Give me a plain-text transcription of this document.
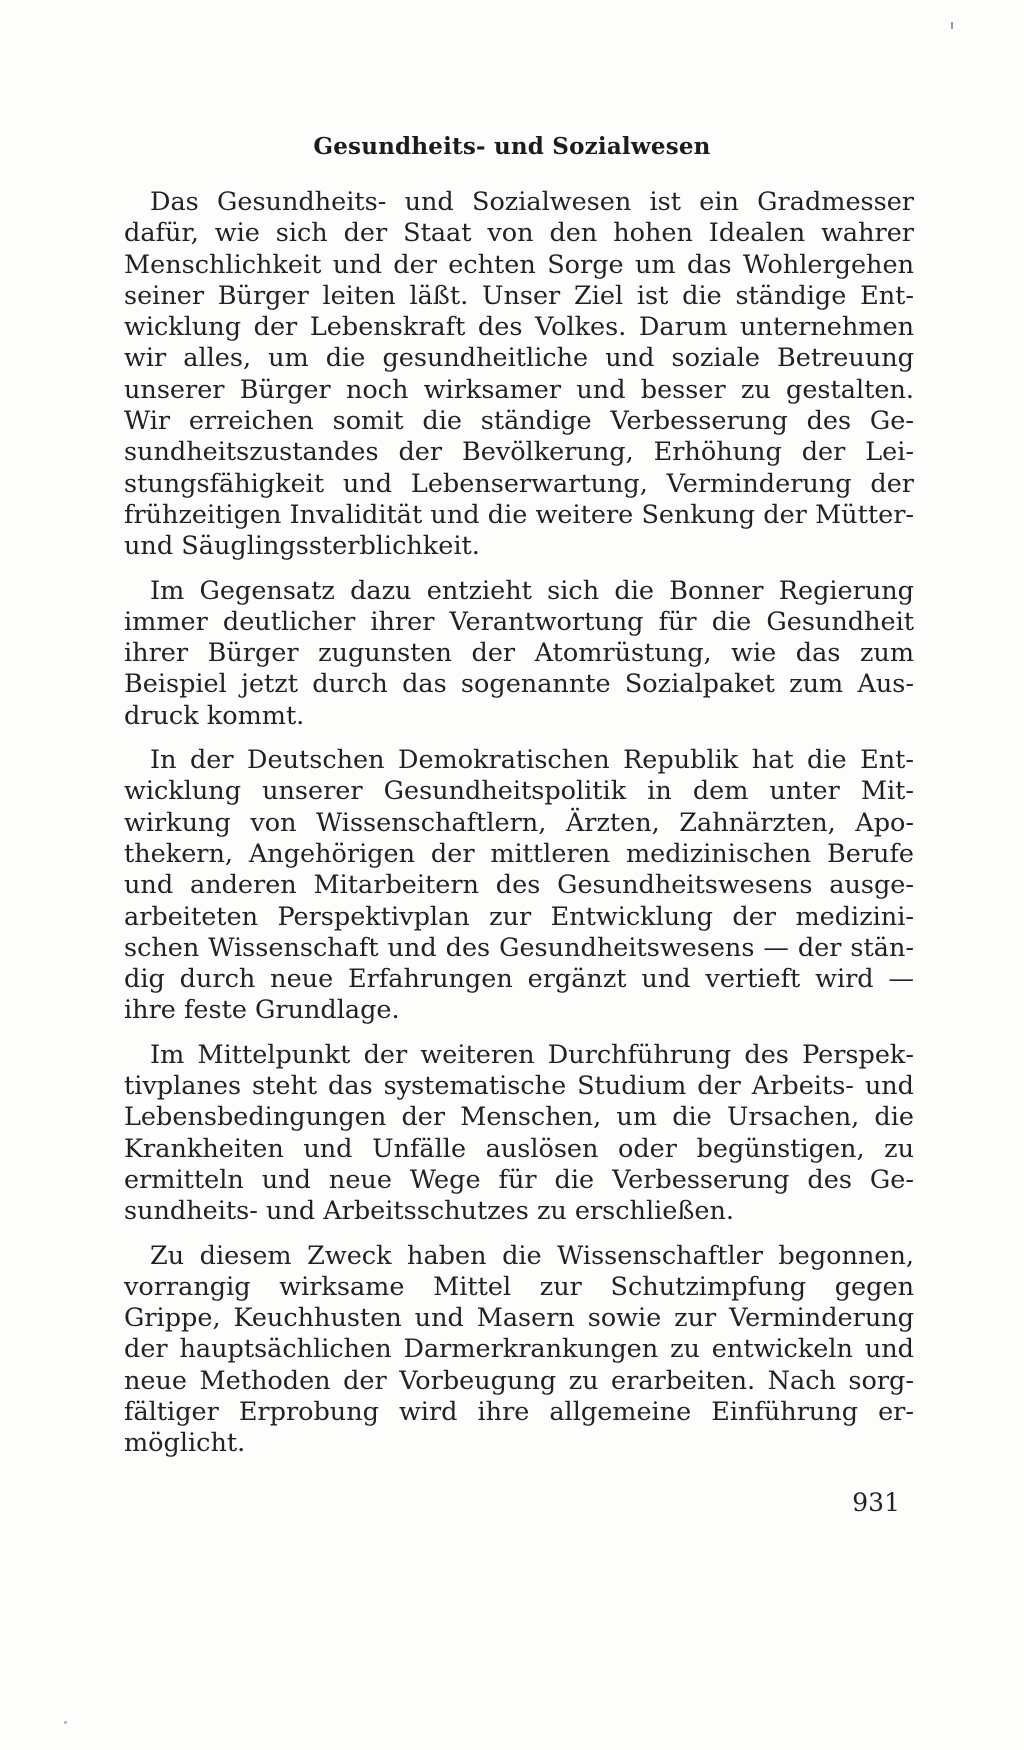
Gesundheits- und Sozialwesen

Das Gesundheits- und Sozialwesen ist ein Gradmesser dafür, wie sich der Staat von den hohen Idealen wahrer Menschlichkeit und der echten Sorge um das Wohlergehen seiner Bürger leiten läßt. Unser Ziel ist die ständige Entwicklung der Lebenskraft des Volkes. Darum unternehmen wir alles, um die gesundheitliche und soziale Betreuung unserer Bürger noch wirksamer und besser zu gestalten. Wir erreichen somit die ständige Verbesserung des Gesundheitszustandes der Bevölkerung, Erhöhung der Leistungsfähigkeit und Lebenserwartung, Verminderung der frühzeitigen Invalidität und die weitere Senkung der Mütter- und Säuglingssterblichkeit.

Im Gegensatz dazu entzieht sich die Bonner Regierung immer deutlicher ihrer Verantwortung für die Gesundheit ihrer Bürger zugunsten der Atomrüstung, wie das zum Beispiel jetzt durch das sogenannte Sozialpaket zum Ausdruck kommt.

In der Deutschen Demokratischen Republik hat die Entwicklung unserer Gesundheitspolitik in dem unter Mitwirkung von Wissenschaftlern, Ärzten, Zahnärzten, Apothekern, Angehörigen der mittleren medizinischen Berufe und anderen Mitarbeitern des Gesundheitswesens ausgearbeiteten Perspektivplan zur Entwicklung der medizinischen Wissenschaft und des Gesundheitswesens — der ständig durch neue Erfahrungen ergänzt und vertieft wird — ihre feste Grundlage.

Im Mittelpunkt der weiteren Durchführung des Perspektivplanes steht das systematische Studium der Arbeits- und Lebensbedingungen der Menschen, um die Ursachen, die Krankheiten und Unfälle auslösen oder begünstigen, zu ermitteln und neue Wege für die Verbesserung des Gesundheits- und Arbeitsschutzes zu erschließen.

Zu diesem Zweck haben die Wissenschaftler begonnen, vorrangig wirksame Mittel zur Schutzimpfung gegen Grippe, Keuchhusten und Masern sowie zur Verminderung der hauptsächlichen Darmerkrankungen zu entwickeln und neue Methoden der Vorbeugung zu erarbeiten. Nach sorgfältiger Erprobung wird ihre allgemeine Einführung ermöglicht.

931
